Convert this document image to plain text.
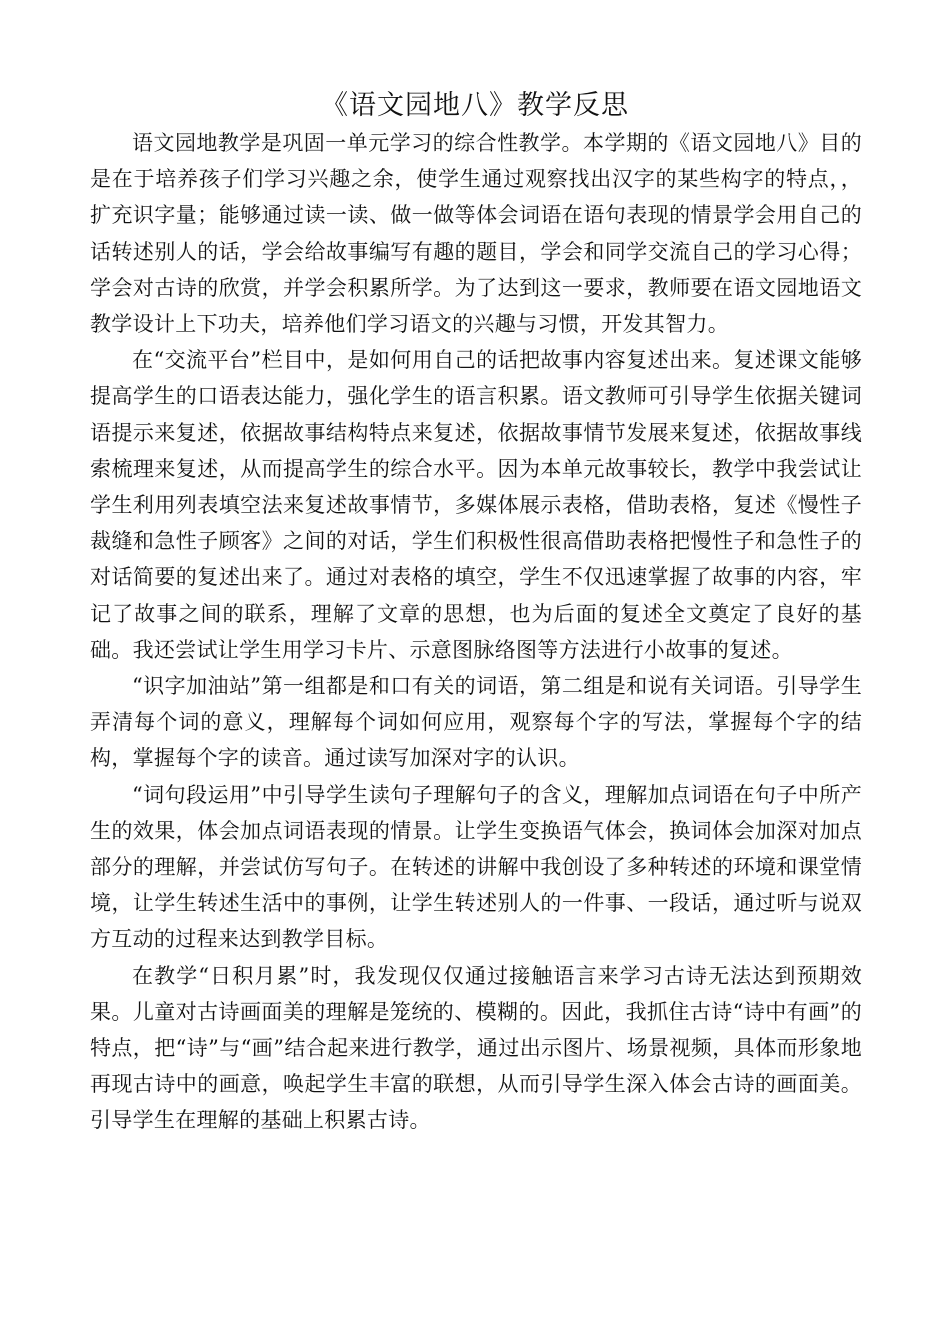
《语文园地八》教学反思

语文园地教学是巩固一单元学习的综合性教学。本学期的《语文园地八》目的是在于培养孩子们学习兴趣之余，使学生通过观察找出汉字的某些构字的特点，，扩充识字量；能够通过读一读、做一做等体会词语在语句表现的情景学会用自己的话转述别人的话，学会给故事编写有趣的题目，学会和同学交流自己的学习心得；学会对古诗的欣赏，并学会积累所学。为了达到这一要求，教师要在语文园地语文教学设计上下功夫，培养他们学习语文的兴趣与习惯，开发其智力。

在“交流平台”栏目中，是如何用自己的话把故事内容复述出来。复述课文能够提高学生的口语表达能力，强化学生的语言积累。语文教师可引导学生依据关键词语提示来复述，依据故事结构特点来复述，依据故事情节发展来复述，依据故事线索梳理来复述，从而提高学生的综合水平。因为本单元故事较长，教学中我尝试让学生利用列表填空法来复述故事情节，多媒体展示表格，借助表格，复述《慢性子裁缝和急性子顾客》之间的对话，学生们积极性很高借助表格把慢性子和急性子的对话简要的复述出来了。通过对表格的填空，学生不仅迅速掌握了故事的内容，牢记了故事之间的联系，理解了文章的思想，也为后面的复述全文奠定了良好的基础。我还尝试让学生用学习卡片、示意图脉络图等方法进行小故事的复述。

“识字加油站”第一组都是和口有关的词语，第二组是和说有关词语。引导学生弄清每个词的意义，理解每个词如何应用，观察每个字的写法，掌握每个字的结构，掌握每个字的读音。通过读写加深对字的认识。

“词句段运用”中引导学生读句子理解句子的含义，理解加点词语在句子中所产生的效果，体会加点词语表现的情景。让学生变换语气体会，换词体会加深对加点部分的理解，并尝试仿写句子。在转述的讲解中我创设了多种转述的环境和课堂情境，让学生转述生活中的事例，让学生转述别人的一件事、一段话，通过听与说双方互动的过程来达到教学目标。

在教学“日积月累”时，我发现仅仅通过接触语言来学习古诗无法达到预期效果。儿童对古诗画面美的理解是笼统的、模糊的。因此，我抓住古诗“诗中有画”的特点，把“诗”与“画”结合起来进行教学，通过出示图片、场景视频，具体而形象地再现古诗中的画意，唤起学生丰富的联想，从而引导学生深入体会古诗的画面美。引导学生在理解的基础上积累古诗。
